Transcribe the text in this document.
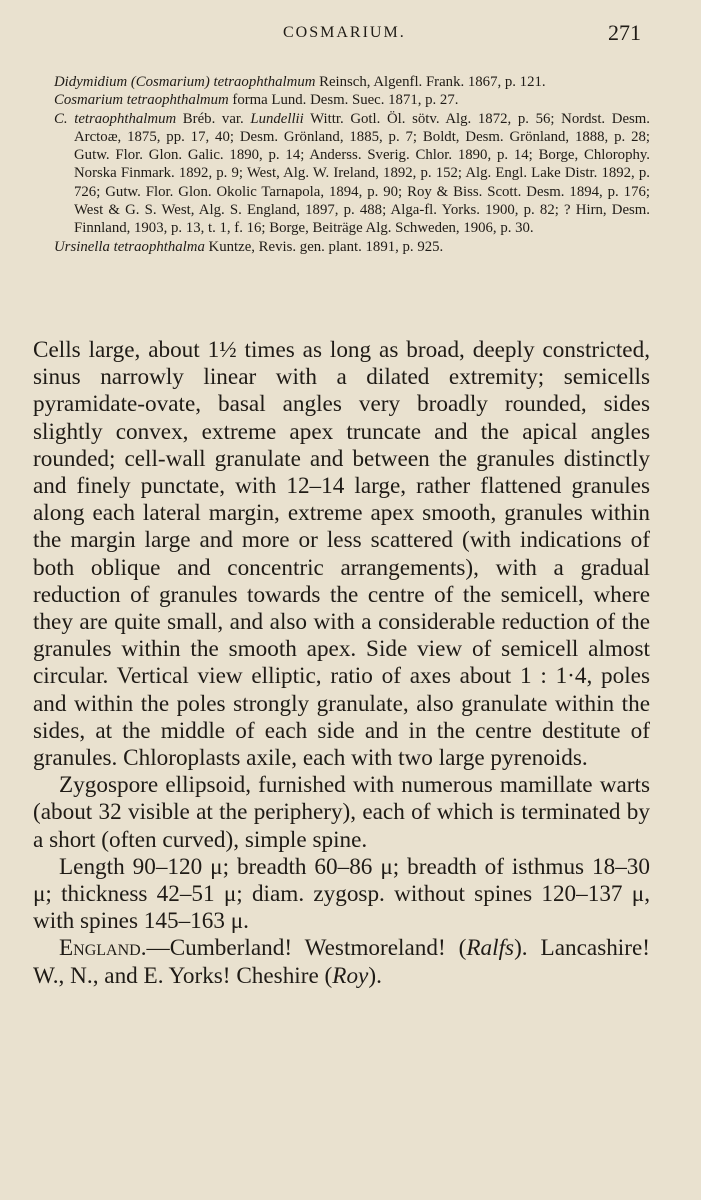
COSMARIUM.	271

Didymidium (Cosmarium) tetraophthalmum Reinsch, Algenfl. Frank. 1867, p. 121.

Cosmarium tetraophthalmum forma Lund. Desm. Suec. 1871, p. 27.

C. tetraophthalmum Bréb. var. Lundellii Wittr. Gotl. Öl. sötv. Alg. 1872, p. 56; Nordst. Desm. Arctoæ, 1875, pp. 17, 40; Desm. Grönland, 1885, p. 7; Boldt, Desm. Grönland, 1888, p. 28; Gutw. Flor. Glon. Galic. 1890, p. 14; Anderss. Sverig. Chlor. 1890, p. 14; Borge, Chlorophy. Norska Finmark. 1892, p. 9; West, Alg. W. Ireland, 1892, p. 152; Alg. Engl. Lake Distr. 1892, p. 726; Gutw. Flor. Glon. Okolic Tarnapola, 1894, p. 90; Roy & Biss. Scott. Desm. 1894, p. 176; West & G. S. West, Alg. S. England, 1897, p. 488; Alga-fl. Yorks. 1900, p. 82; ? Hirn, Desm. Finnland, 1903, p. 13, t. 1, f. 16; Borge, Beiträge Alg. Schweden, 1906, p. 30.

Ursinella tetraophthalma Kuntze, Revis. gen. plant. 1891, p. 925.

Cells large, about 1½ times as long as broad, deeply constricted, sinus narrowly linear with a dilated extremity; semicells pyramidate-ovate, basal angles very broadly rounded, sides slightly convex, extreme apex truncate and the apical angles rounded; cell-wall granulate and between the granules distinctly and finely punctate, with 12–14 large, rather flattened granules along each lateral margin, extreme apex smooth, granules within the margin large and more or less scattered (with indications of both oblique and concentric arrangements), with a gradual reduction of granules towards the centre of the semicell, where they are quite small, and also with a considerable reduction of the granules within the smooth apex. Side view of semicell almost circular. Vertical view elliptic, ratio of axes about 1 : 1·4, poles and within the poles strongly granulate, also granulate within the sides, at the middle of each side and in the centre destitute of granules. Chloroplasts axile, each with two large pyrenoids.

Zygospore ellipsoid, furnished with numerous mamillate warts (about 32 visible at the periphery), each of which is terminated by a short (often curved), simple spine.

Length 90–120 μ; breadth 60–86 μ; breadth of isthmus 18–30 μ; thickness 42–51 μ; diam. zygosp. without spines 120–137 μ, with spines 145–163 μ.

England.—Cumberland! Westmoreland! (Ralfs). Lancashire! W., N., and E. Yorks! Cheshire (Roy).
